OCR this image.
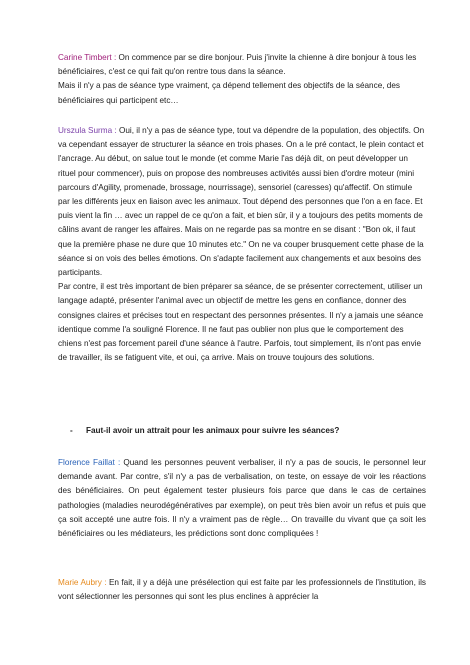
Carine Timbert : On commence par se dire bonjour. Puis j'invite la chienne à dire bonjour à tous les bénéficiaires, c'est ce qui fait qu'on rentre tous dans la séance.
Mais il n'y a pas de séance type vraiment, ça dépend tellement des objectifs de la séance, des bénéficiaires qui participent etc…

Urszula Surma : Oui, il n'y a pas de séance type, tout va dépendre de la population, des objectifs. On va cependant essayer de structurer la séance en trois phases. On a le pré contact, le plein contact et l'ancrage. Au début, on salue tout le monde (et comme Marie l'as déjà dit, on peut développer un rituel pour commencer), puis on propose des nombreuses activités aussi bien d'ordre moteur (mini parcours d'Agility, promenade, brossage, nourrissage), sensoriel (caresses) qu'affectif. On stimule par les différents jeux en liaison avec les animaux. Tout dépend des personnes que l'on a en face. Et puis vient la fin … avec un rappel de ce qu'on a fait, et bien sûr, il y a toujours des petits moments de câlins avant de ranger les affaires. Mais on ne regarde pas sa montre en se disant : "Bon ok, il faut que la première phase ne dure que 10 minutes etc." On ne va couper brusquement cette phase de la séance si on vois des belles émotions. On s'adapte facilement aux changements et aux besoins des participants.
Par contre, il est très important de bien préparer sa séance, de se présenter correctement, utiliser un langage adapté, présenter l'animal avec un objectif de mettre les gens en confiance, donner des consignes claires et précises tout en respectant des personnes présentes. Il n'y a jamais une séance identique comme l'a souligné Florence. Il ne faut pas oublier non plus que le comportement des chiens n'est pas forcement pareil d'une séance à l'autre. Parfois, tout simplement, ils n'ont pas envie de travailler, ils se fatiguent vite, et oui, ça arrive. Mais on trouve toujours des solutions.

- Faut-il avoir un attrait pour les animaux pour suivre les séances?

Florence Faillat : Quand les personnes peuvent verbaliser, il n'y a pas de soucis, le personnel leur demande avant. Par contre, s'il n'y a pas de verbalisation, on teste, on essaye de voir les réactions des bénéficiaires. On peut également tester plusieurs fois parce que dans le cas de certaines pathologies (maladies neurodégénératives par exemple), on peut très bien avoir un refus et puis que ça soit accepté une autre fois. Il n'y a vraiment pas de règle… On travaille du vivant que ça soit les bénéficiaires ou les médiateurs, les prédictions sont donc compliquées !

Marie Aubry : En fait, il y a déjà une présélection qui est faite par les professionnels de l'institution, ils vont sélectionner les personnes qui sont les plus enclines à apprécier la
